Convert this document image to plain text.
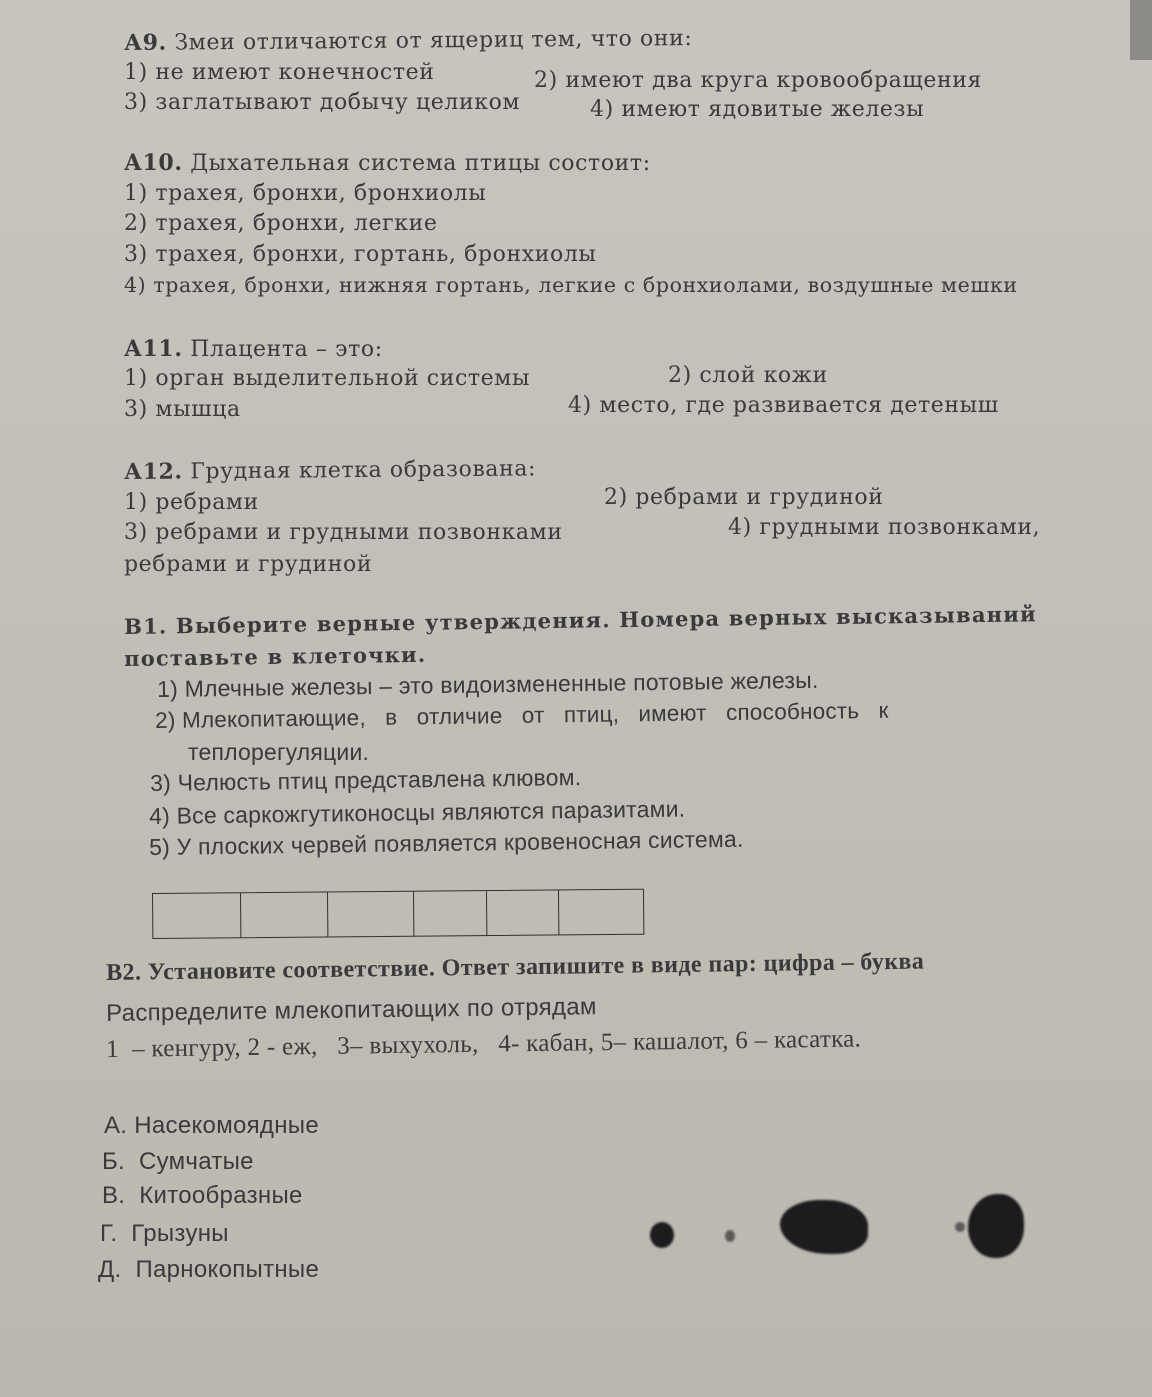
А9. Змеи отличаются от ящериц тем, что они:
1) не имеют конечностей	2) имеют два круга кровообращения
3) заглатывают добычу целиком	4) имеют ядовитые железы
А10. Дыхательная система птицы состоит:
1) трахея, бронхи, бронхиолы
2) трахея, бронхи, легкие
3) трахея, бронхи, гортань, бронхиолы
4) трахея, бронхи, нижняя гортань, легкие с бронхиолами, воздушные мешки
А11. Плацента – это:
1) орган выделительной системы	2) слой кожи
3) мышца	4) место, где развивается детеныш
А12. Грудная клетка образована:
1) ребрами	2) ребрами и грудиной
3) ребрами и грудными позвонками	4) грудными позвонками,
ребрами и грудиной
В1. Выберите верные утверждения. Номера верных высказываний
поставьте в клеточки.
1) Млечные железы – это видоизмененные потовые железы.
2) Млекопитающие,   в   отличие   от   птиц,   имеют   способность   к
теплорегуляции.
3) Челюсть птиц представлена клювом.
4) Все саркожгутиконосцы являются паразитами.
5) У плоских червей появляется кровеносная система.
В2. Установите соответствие. Ответ запишите в виде пар: цифра – буква
Распределите млекопитающих по отрядам
1  – кенгуру, 2 - еж,   3– выхухоль,   4- кабан, 5– кашалот, 6 – касатка.
А. Насекомоядные
Б.  Сумчатые
В.  Китообразные
Г.  Грызуны
Д.  Парнокопытные
